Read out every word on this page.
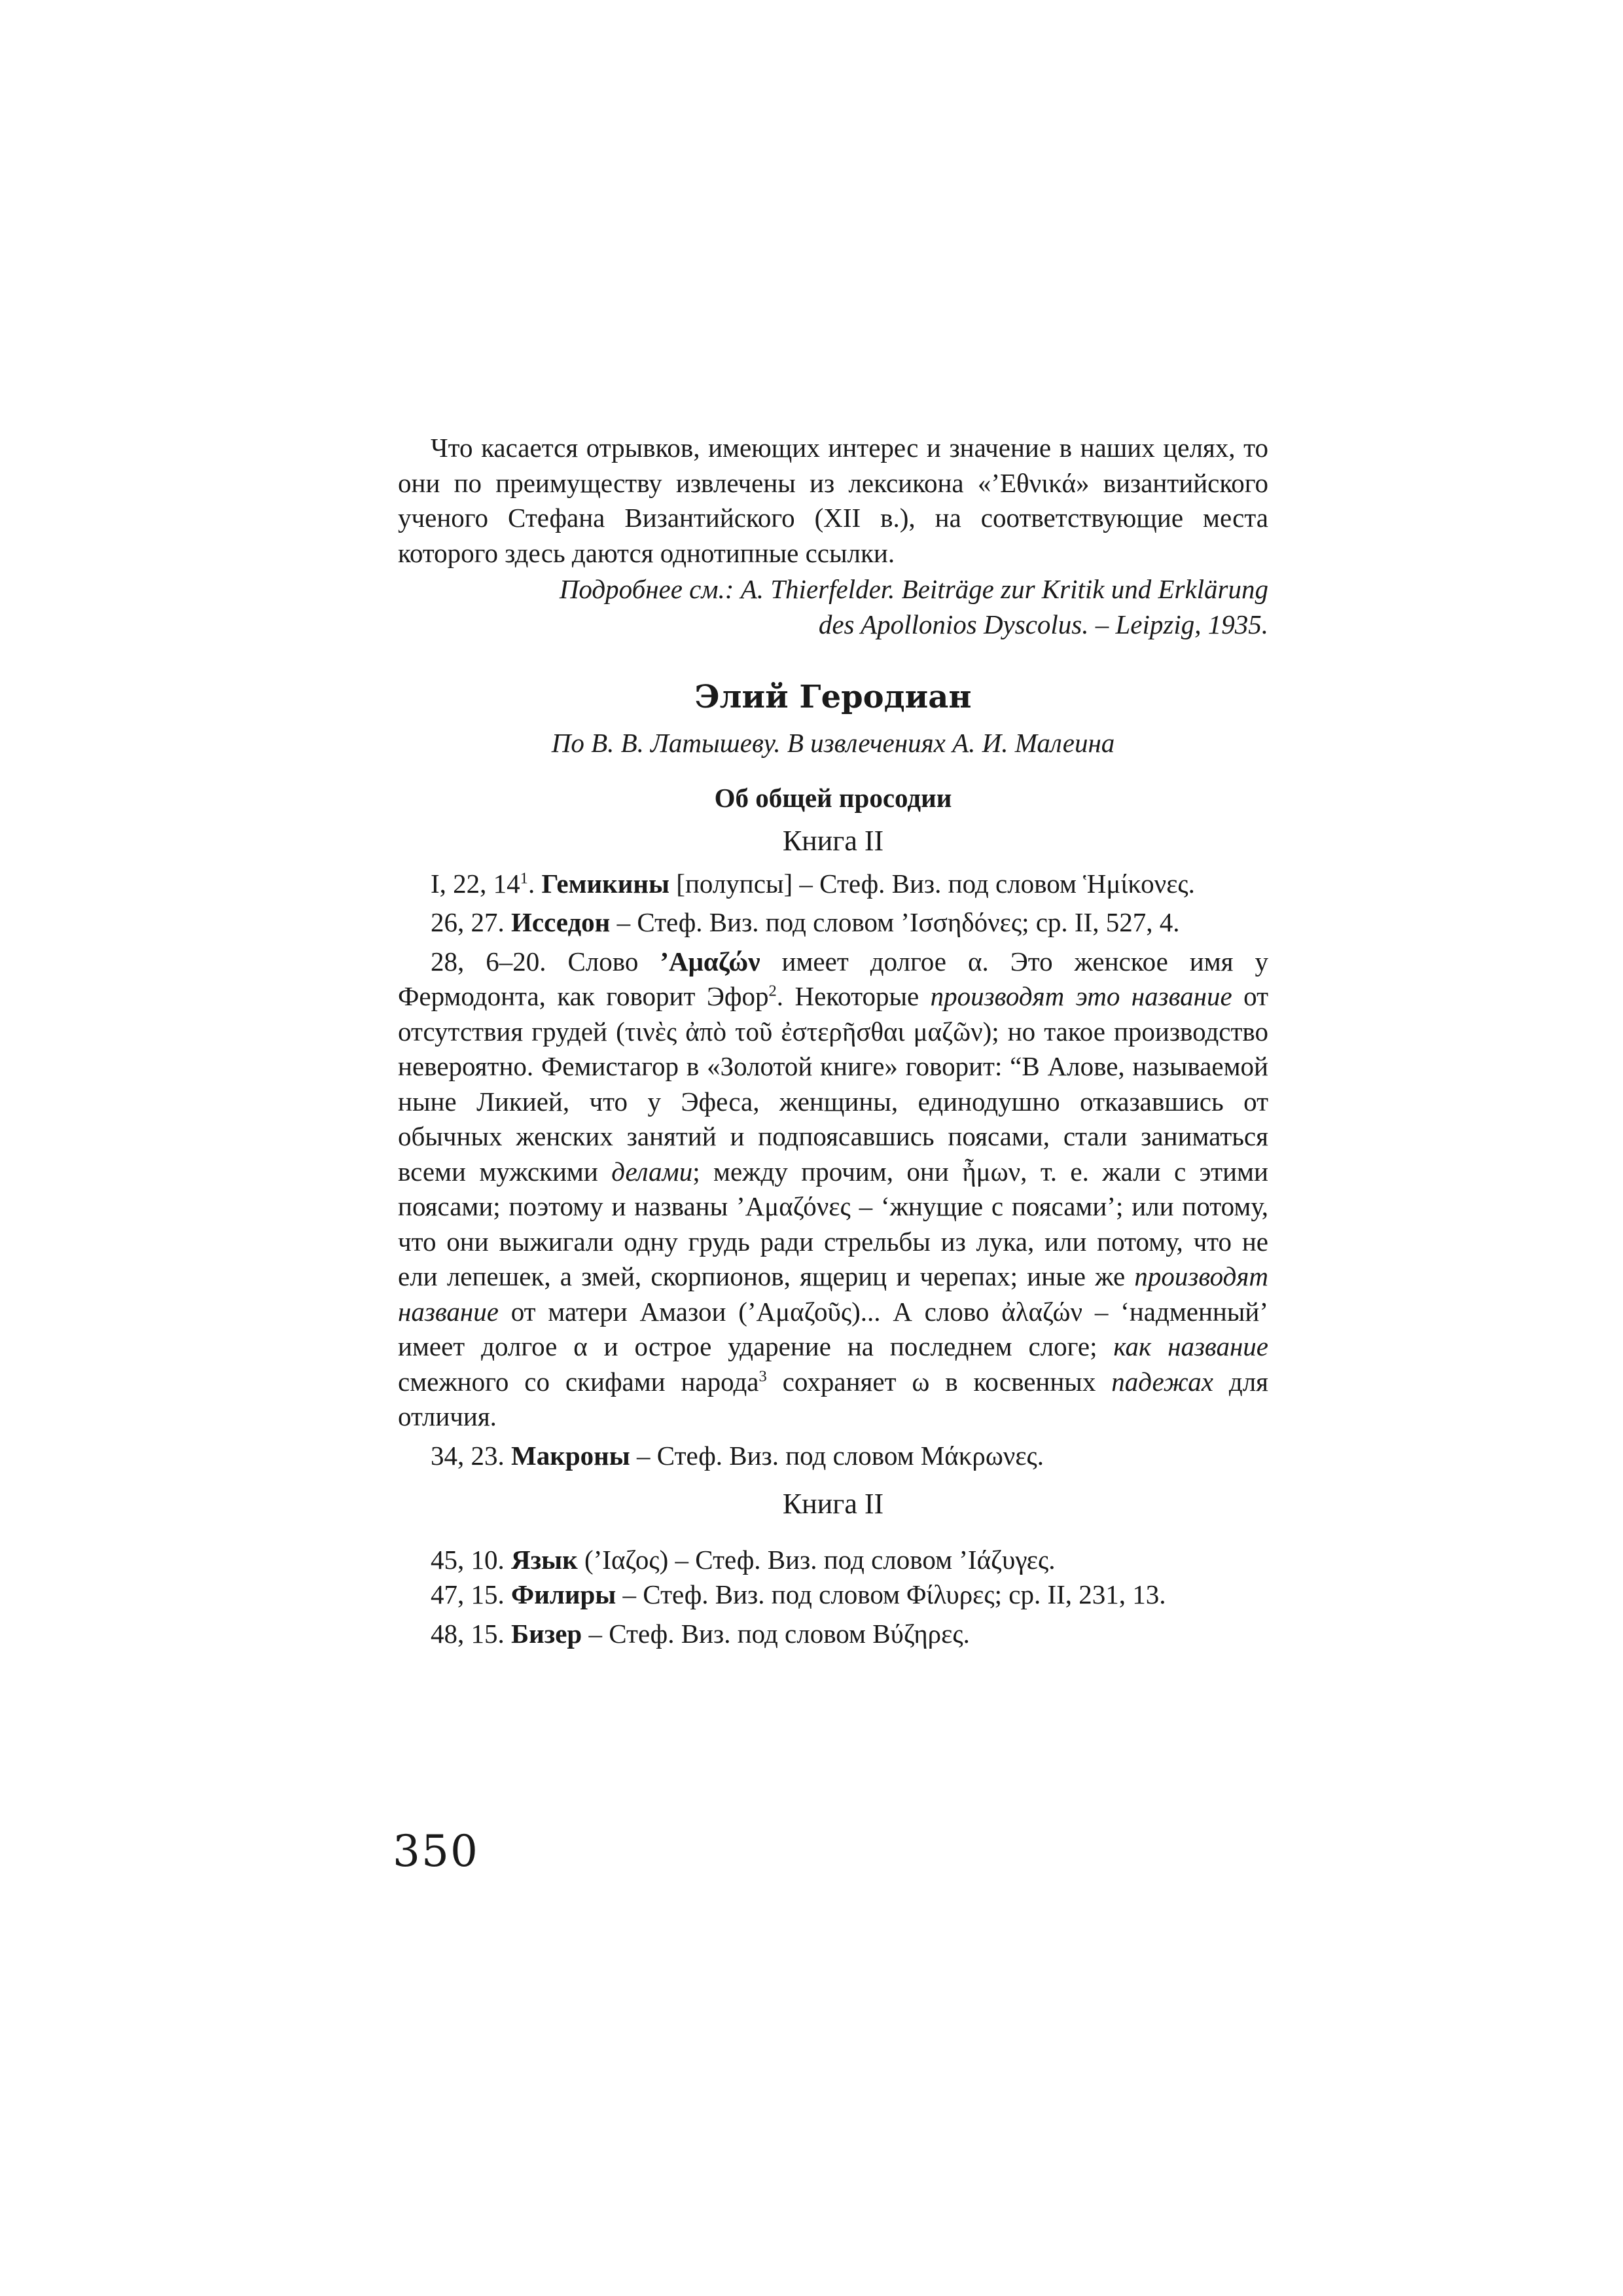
Что касается отрывков, имеющих интерес и значение в наших целях, то они по преимуществу извлечены из лексикона «’Εθνικά» византийского ученого Стефана Византийского (XII в.), на соответствующие места которого здесь даются однотипные ссылки.

Подробнее см.: A. Thierfelder. Beiträge zur Kritik und Erklärung
des Apollonios Dyscolus. – Leipzig, 1935.
Элий Геродиан
По В. В. Латышеву. В извлечениях А. И. Малеина
Об общей просодии
Книга II

I, 22, $14^1$. Гемикины [полупсы] – Стеф. Виз. под словом Ἡμίκονες.

26, 27. Исседон – Стеф. Виз. под словом ’Ισσηδόνες; ср. II, 527, 4.

28, 6–20. Слово ’Αμαζών имеет долгое α. Это женское имя у Фермодонта, как говорит Эфор$^2$. Некоторые производят это название от отсутствия грудей (τινὲς ἀπὸ τοῦ ἐστερῆσθαι μαζῶν); но такое производство невероятно. Фемистагор в «Золотой книге» говорит: “В Алове, называемой ныне Ликией, что у Эфеса, женщины, единодушно отказавшись от обычных женских занятий и подпоясавшись поясами, стали заниматься всеми мужскими делами; между прочим, они ἦμων, т. е. жали с этими поясами; поэтому и названы ’Αμαζόνες – ‘жнущие с поясами’; или потому, что они выжигали одну грудь ради стрельбы из лука, или потому, что не ели лепешек, а змей, скорпионов, ящериц и черепах; иные же производят название от матери Амазои (’Αμαζοῦς)... А слово ἀλαζών – ‘надменный’ имеет долгое α и острое ударение на последнем слоге; как название смежного со скифами народа$^3$ сохраняет ω в косвенных падежах для отличия.

34, 23. Макроны – Стеф. Виз. под словом Μάκρωνες.

Книга II

45, 10. Язык (’Ιαζος) – Стеф. Виз. под словом ’Ιάζυγες.

47, 15. Филиры – Стеф. Виз. под словом Φίλυρες; ср. II, 231, 13.

48, 15. Бизер – Стеф. Виз. под словом Βύζηρες.

350
